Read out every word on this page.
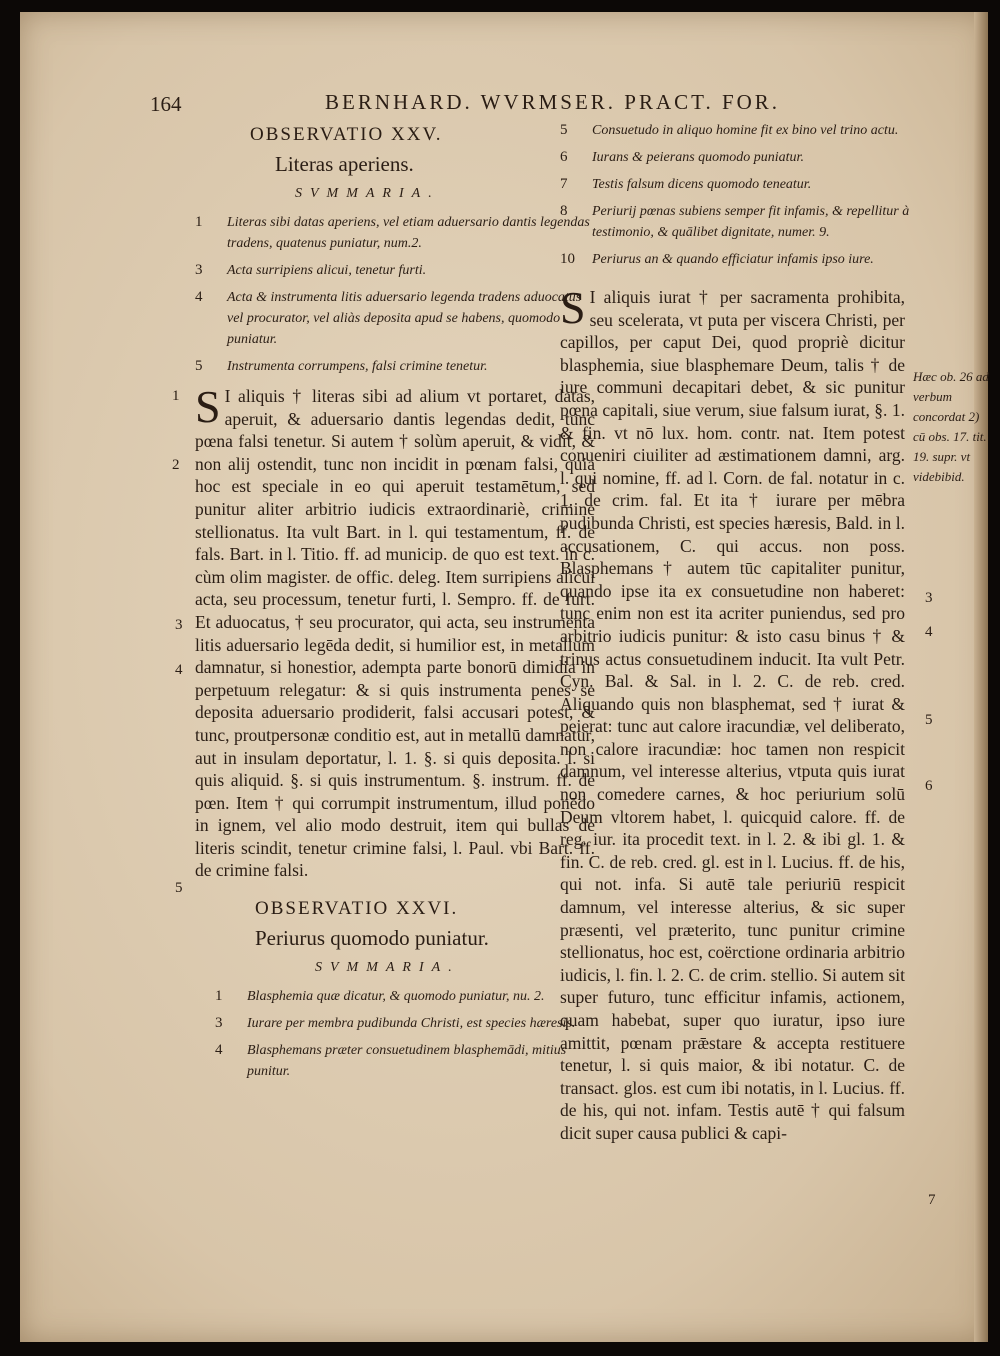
164	BERNHARD. WVRMSER. PRACT. FOR.
OBSERVATIO XXV.
Literas aperiens.
SVMMARIA.
1 Literas sibi datas aperiens, vel etiam aduersario dantis legendas tradens, quatenus puniatur, num.2.
3 Acta surripiens alicui, tenetur furti.
4 Acta & instrumenta litis aduersario legenda tradens aduocatus vel procurator, vel aliàs deposita apud se habens, quomodo puniatur.
5 Instrumenta corrumpens, falsi crimine tenetur.

S I aliquis † literas sibi ad alium vt portaret, datas, aperuit, & aduersario dantis legendas dedit, tunc pœna falsi tenetur. Si autem † solùm aperuit, & vidit, & non alij ostendit, tunc non incidit in pœnam falsi, quia hoc est speciale in eo qui aperuit testamētum, sed punitur aliter arbitrio iudicis extraordinariè, crimine stellionatus. Ita vult Bart. in l. qui testamentum, ff. de fals. Bart. in l. Titio. ff. ad municip. de quo est text. in c. cùm olim magister. de offic. deleg. Item surripiens alicui acta, seu processum, tenetur furti, l. Sempro. ff. de furt. Et aduocatus, † seu procurator, qui acta, seu instrumenta litis aduersario legēda dedit, si humilior est, in metallum damnatur, si honestior, adempta parte bonorū dimidia in perpetuum relegatur: & si quis instrumenta penes se deposita aduersario prodiderit, falsi accusari potest, & tunc, proutpersonæ conditio est, aut in metallū damnatur, aut in insulam deportatur, l. 1. §. si quis deposita. l. si quis aliquid. §. si quis instrumentum. §. instrum. ff. de pœn. Item † qui corrumpit instrumentum, illud ponēdo in ignem, vel alio modo destruit, item qui bullas de literis scindit, tenetur crimine falsi, l. Paul. vbi Bart. ff. de crimine falsi.

OBSERVATIO XXVI.
Periurus quomodo puniatur.
SVMMARIA.
1 Blasphemia quæ dicatur, & quomodo puniatur, nu. 2.
3 Iurare per membra pudibunda Christi, est species hæresis.
4 Blasphemans præter consuetudinem blasphemādi, mitius punitur.
1
2
3
4
5
5 Consuetudo in aliquo homine fit ex bino vel trino actu.
6 Iurans & peierans quomodo puniatur.
7 Testis falsum dicens quomodo teneatur.
8 Periurij pœnas subiens semper fit infamis, & repellitur à testimonio, & quālibet dignitate, numer. 9.
10 Periurus an & quando efficiatur infamis ipso iure.

S I aliquis iurat † per sacramenta prohibita, seu scelerata, vt puta per viscera Christi, per capillos, per caput Dei, quod propriè dicitur blasphemia, siue blasphemare Deum, talis † de iure communi decapitari debet, & sic punitur pœna capitali, siue verum, siue falsum iurat, §. 1. & fin. vt nō lux. hom. contr. nat. Item potest conueniri ciuiliter ad æstimationem damni, arg. l. qui nomine, ff. ad l. Corn. de fal. notatur in c. 1. de crim. fal. Et ita † iurare per mēbra pudibunda Christi, est species hæresis, Bald. in l. accusationem, C. qui accus. non poss. Blasphemans † autem tūc capitaliter punitur, quando ipse ita ex consuetudine non haberet: tunc enim non est ita acriter puniendus, sed pro arbitrio iudicis punitur: & isto casu binus † & trinus actus consuetudinem inducit. Ita vult Petr. Cyn. Bal. & Sal. in l. 2. C. de reb. cred. Aliquando quis non blasphemat, sed † iurat & peierat: tunc aut calore iracundiæ, vel deliberato, non calore iracundiæ: hoc tamen non respicit damnum, vel interesse alterius, vtputa quis iurat non comedere carnes, & hoc periurium solū Deum vltorem habet, l. quicquid calore. ff. de reg. iur. ita procedit text. in l. 2. & ibi gl. 1. & fin. C. de reb. cred. gl. est in l. Lucius. ff. de his, qui not. infa. Si autē tale periuriū respicit damnum, vel interesse alterius, & sic super præsenti, vel præterito, tunc punitur crimine stellionatus, hoc est, coërctione ordinaria arbitrio iudicis, l. fin. l. 2. C. de crim. stellio. Si autem sit super futuro, tunc efficitur infamis, actionem, quam habebat, super quo iuratur, ipso iure amittit, pœnam prǣstare & accepta restituere tenetur, l. si quis maior, & ibi notatur. C. de transact. glos. est cum ibi notatis, in l. Lucius. ff. de his, qui not. infam. Testis autē † qui falsum dicit super causa publici & capi-

Hæc ob. 26 ad verbum concordat 2) cū obs. 17. tit. 19. supr. vt videbibid.
3
4
5
6
7
